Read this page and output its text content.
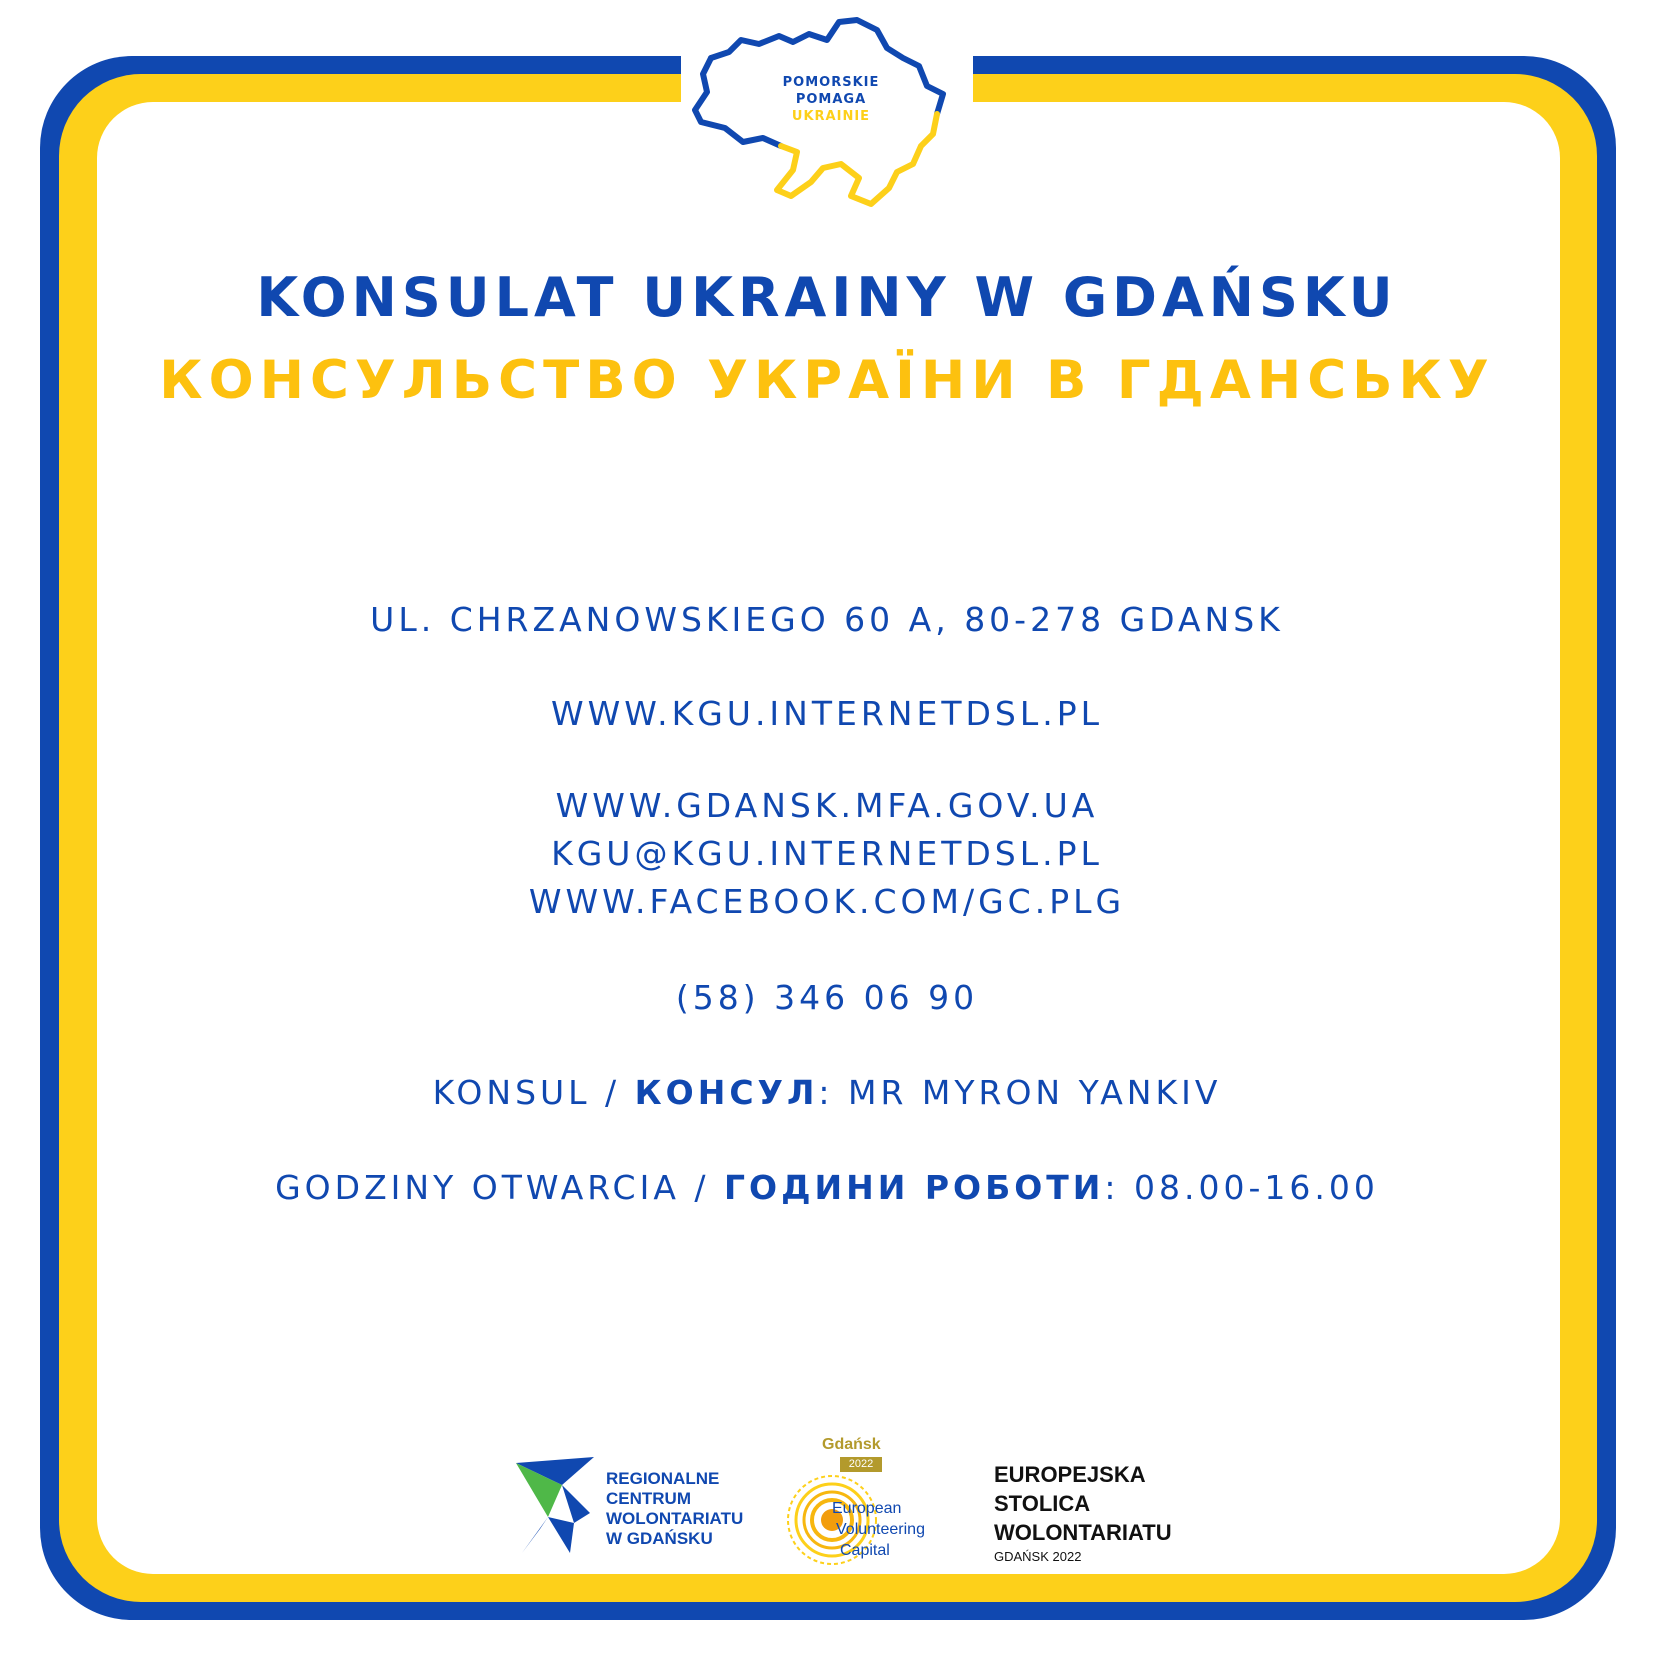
POMORSKIE
POMAGA
UKRAINIE
KONSULAT UKRAINY W GDAŃSKU
КОНСУЛЬСТВО УКРАЇНИ В ГДАНСЬКУ
UL. CHRZANOWSKIEGO 60 A, 80-278 GDANSK
WWW.KGU.INTERNETDSL.PL
WWW.GDANSK.MFA.GOV.UA
KGU@KGU.INTERNETDSL.PL
WWW.FACEBOOK.COM/GC.PLG
(58) 346 06 90
KONSUL / КОНСУЛ: MR MYRON YANKIV
GODZINY OTWARCIA / ГОДИНИ РОБОТИ: 08.00-16.00
REGIONALNE
CENTRUM
WOLONTARIATU
W GDAŃSKU
Gdańsk
2022
European
Volunteering
Capital
EUROPEJSKA
STOLICA
WOLONTARIATU
GDAŃSK 2022
